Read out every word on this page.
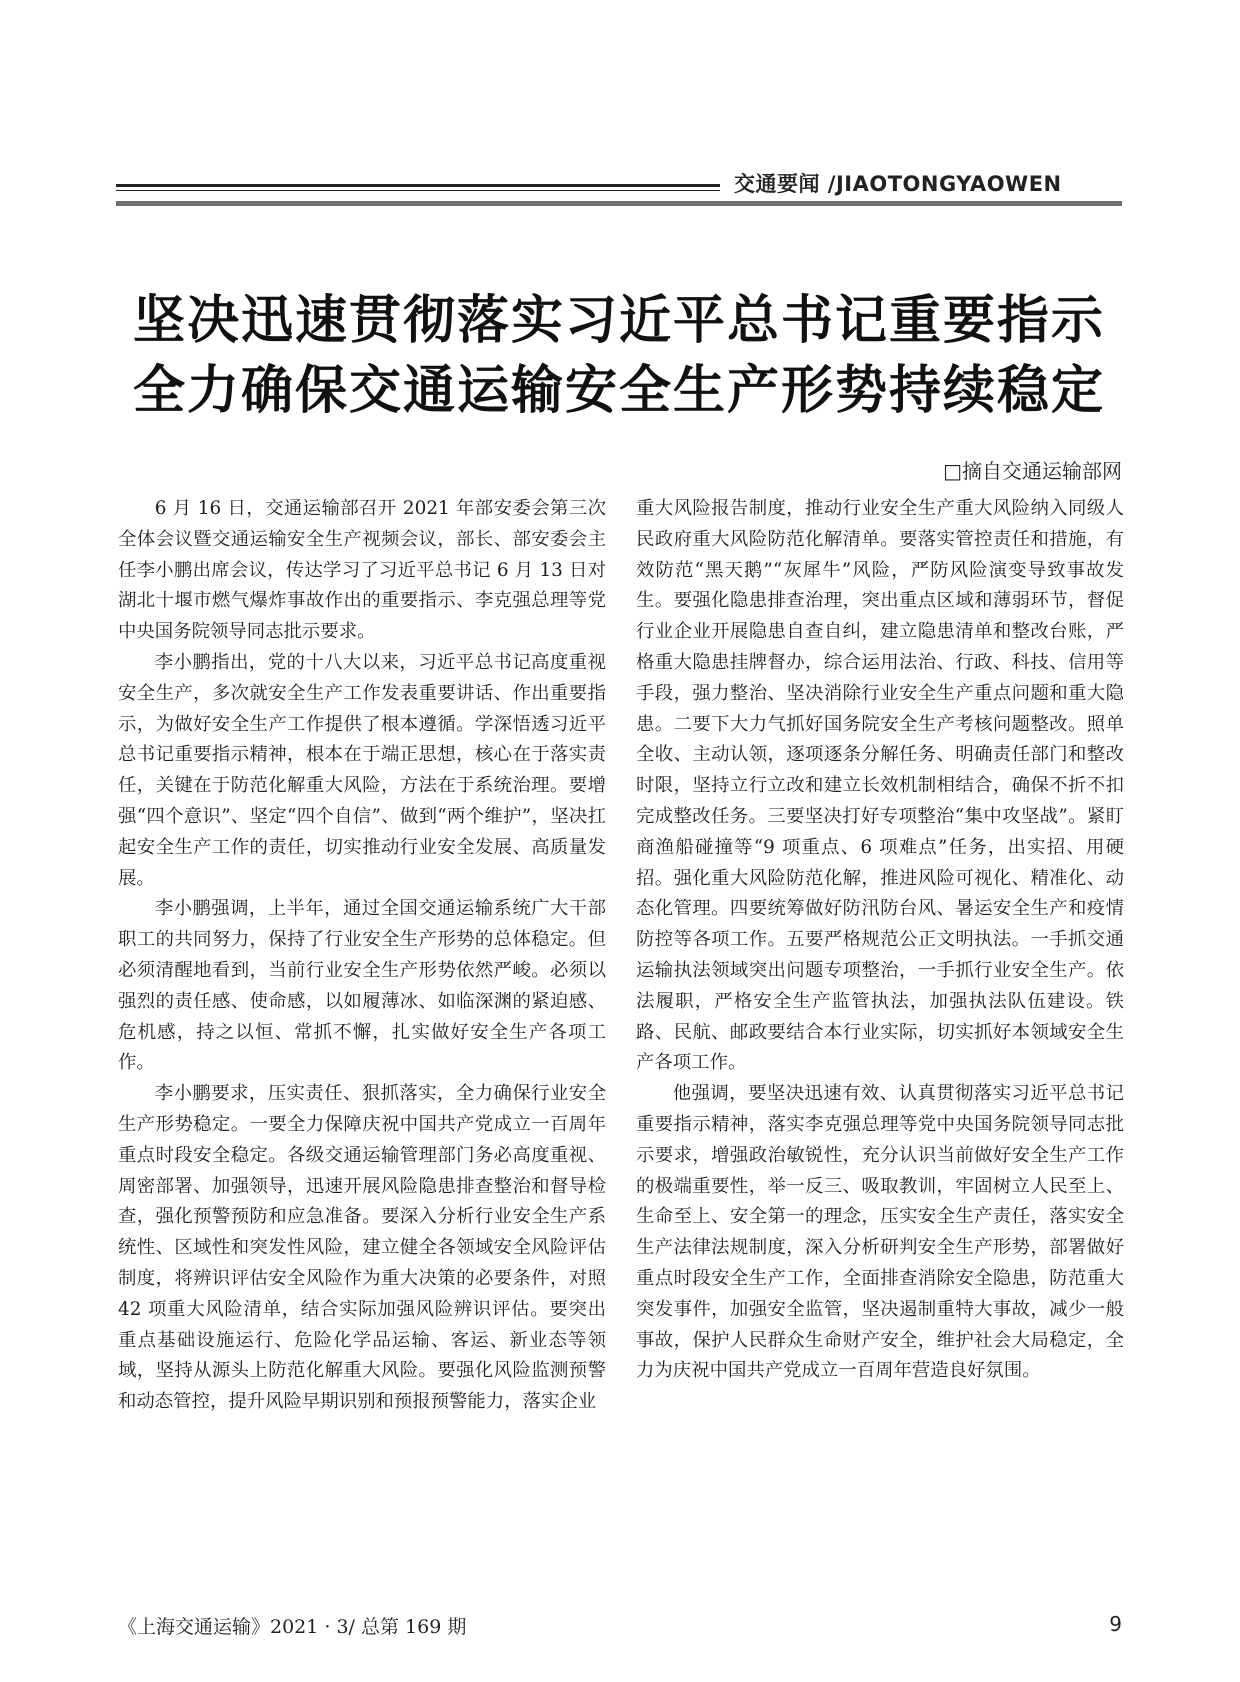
交通要闻 /JIAOTONGYAOWEN
坚决迅速贯彻落实习近平总书记重要指示
全力确保交通运输安全生产形势持续稳定
□摘自交通运输部网

6 月 16 日，交通运输部召开 2021 年部安委会第三次全体会议暨交通运输安全生产视频会议，部长、部安委会主任李小鹏出席会议，传达学习了习近平总书记 6 月 13 日对湖北十堰市燃气爆炸事故作出的重要指示、李克强总理等党中央国务院领导同志批示要求。

李小鹏指出，党的十八大以来，习近平总书记高度重视安全生产，多次就安全生产工作发表重要讲话、作出重要指示，为做好安全生产工作提供了根本遵循。学深悟透习近平总书记重要指示精神，根本在于端正思想，核心在于落实责任，关键在于防范化解重大风险，方法在于系统治理。要增强“四个意识”、坚定“四个自信”、做到“两个维护”，坚决扛起安全生产工作的责任，切实推动行业安全发展、高质量发展。

李小鹏强调，上半年，通过全国交通运输系统广大干部职工的共同努力，保持了行业安全生产形势的总体稳定。但必须清醒地看到，当前行业安全生产形势依然严峻。必须以强烈的责任感、使命感，以如履薄冰、如临深渊的紧迫感、危机感，持之以恒、常抓不懈，扎实做好安全生产各项工作。

李小鹏要求，压实责任、狠抓落实，全力确保行业安全生产形势稳定。一要全力保障庆祝中国共产党成立一百周年重点时段安全稳定。各级交通运输管理部门务必高度重视、周密部署、加强领导，迅速开展风险隐患排查整治和督导检查，强化预警预防和应急准备。要深入分析行业安全生产系统性、区域性和突发性风险，建立健全各领域安全风险评估制度，将辨识评估安全风险作为重大决策的必要条件，对照 42 项重大风险清单，结合实际加强风险辨识评估。要突出重点基础设施运行、危险化学品运输、客运、新业态等领域，坚持从源头上防范化解重大风险。要强化风险监测预警和动态管控，提升风险早期识别和预报预警能力，落实企业

重大风险报告制度，推动行业安全生产重大风险纳入同级人民政府重大风险防范化解清单。要落实管控责任和措施，有效防范“黑天鹅”“灰犀牛”风险，严防风险演变导致事故发生。要强化隐患排查治理，突出重点区域和薄弱环节，督促行业企业开展隐患自查自纠，建立隐患清单和整改台账，严格重大隐患挂牌督办，综合运用法治、行政、科技、信用等手段，强力整治、坚决消除行业安全生产重点问题和重大隐患。二要下大力气抓好国务院安全生产考核问题整改。照单全收、主动认领，逐项逐条分解任务、明确责任部门和整改时限，坚持立行立改和建立长效机制相结合，确保不折不扣完成整改任务。三要坚决打好专项整治“集中攻坚战”。紧盯商渔船碰撞等“9 项重点、6 项难点”任务，出实招、用硬招。强化重大风险防范化解，推进风险可视化、精准化、动态化管理。四要统筹做好防汛防台风、暑运安全生产和疫情防控等各项工作。五要严格规范公正文明执法。一手抓交通运输执法领域突出问题专项整治，一手抓行业安全生产。依法履职，严格安全生产监管执法，加强执法队伍建设。铁路、民航、邮政要结合本行业实际，切实抓好本领域安全生产各项工作。

他强调，要坚决迅速有效、认真贯彻落实习近平总书记重要指示精神，落实李克强总理等党中央国务院领导同志批示要求，增强政治敏锐性，充分认识当前做好安全生产工作的极端重要性，举一反三、吸取教训，牢固树立人民至上、生命至上、安全第一的理念，压实安全生产责任，落实安全生产法律法规制度，深入分析研判安全生产形势，部署做好重点时段安全生产工作，全面排查消除安全隐患，防范重大突发事件，加强安全监管，坚决遏制重特大事故，减少一般事故，保护人民群众生命财产安全，维护社会大局稳定，全力为庆祝中国共产党成立一百周年营造良好氛围。

《上海交通运输》2021 · 3/ 总第 169 期	9
